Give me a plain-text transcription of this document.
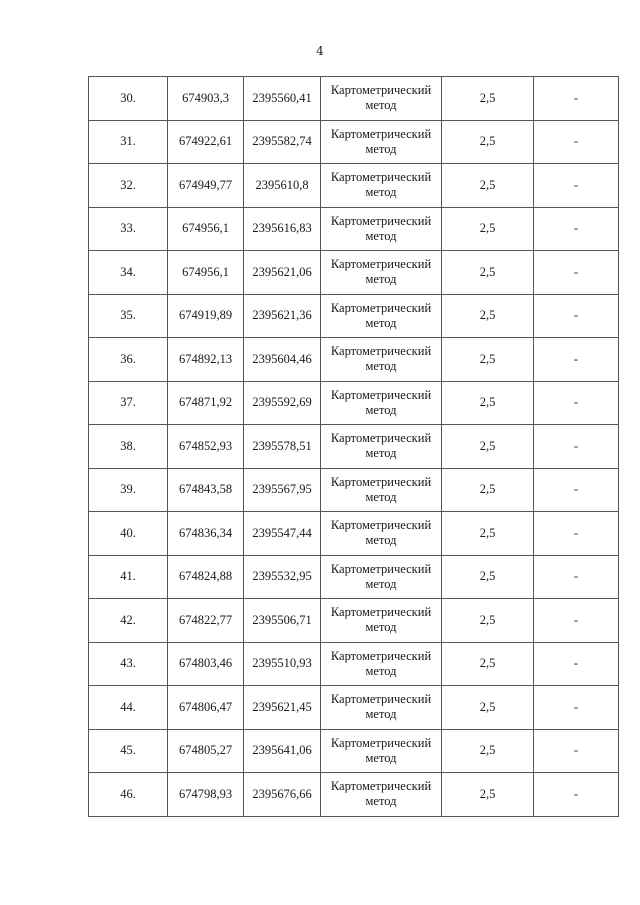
4
30.	674903,3	2395560,41	Картометрический
метод	2,5	-
31.	674922,61	2395582,74	Картометрический
метод	2,5	-
32.	674949,77	2395610,8	Картометрический
метод	2,5	-
33.	674956,1	2395616,83	Картометрический
метод	2,5	-
34.	674956,1	2395621,06	Картометрический
метод	2,5	-
35.	674919,89	2395621,36	Картометрический
метод	2,5	-
36.	674892,13	2395604,46	Картометрический
метод	2,5	-
37.	674871,92	2395592,69	Картометрический
метод	2,5	-
38.	674852,93	2395578,51	Картометрический
метод	2,5	-
39.	674843,58	2395567,95	Картометрический
метод	2,5	-
40.	674836,34	2395547,44	Картометрический
метод	2,5	-
41.	674824,88	2395532,95	Картометрический
метод	2,5	-
42.	674822,77	2395506,71	Картометрический
метод	2,5	-
43.	674803,46	2395510,93	Картометрический
метод	2,5	-
44.	674806,47	2395621,45	Картометрический
метод	2,5	-
45.	674805,27	2395641,06	Картометрический
метод	2,5	-
46.	674798,93	2395676,66	Картометрический
метод	2,5	-
